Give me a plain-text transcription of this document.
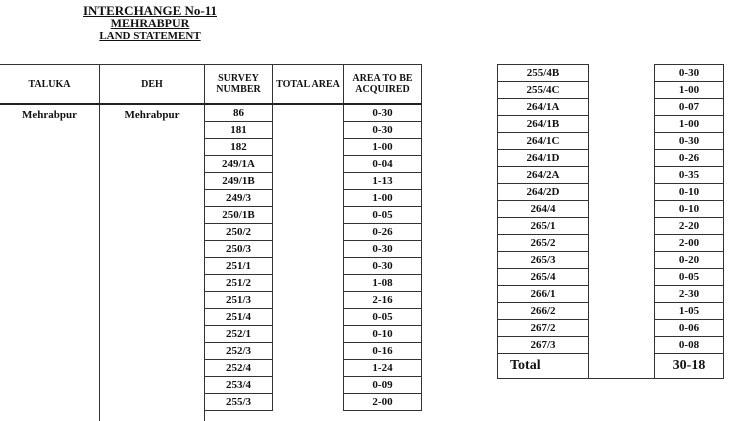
INTERCHANGE No-11
MEHRABPUR
LAND STATEMENT
TALUKA	DEH	SURVEY NUMBER	TOTAL AREA	AREA TO BE ACQUIRED
Mehrabpur	Mehrabpur	86		0-30
		181		0-30
		182		1-00
		249/1A		0-04
		249/1B		1-13
		249/3		1-00
		250/1B		0-05
		250/2		0-26
		250/3		0-30
		251/1		0-30
		251/2		1-08
		251/3		2-16
		251/4		0-05
		252/1		0-10
		252/3		0-16
		252/4		1-24
		253/4		0-09
		255/3		2-00

255/4B		0-30
255/4C		1-00
264/1A		0-07
264/1B		1-00
264/1C		0-30
264/1D		0-26
264/2A		0-35
264/2D		0-10
264/4		0-10
265/1		2-20
265/2		2-00
265/3		0-20
265/4		0-05
266/1		2-30
266/2		1-05
267/2		0-06
267/3		0-08
Total		30-18
